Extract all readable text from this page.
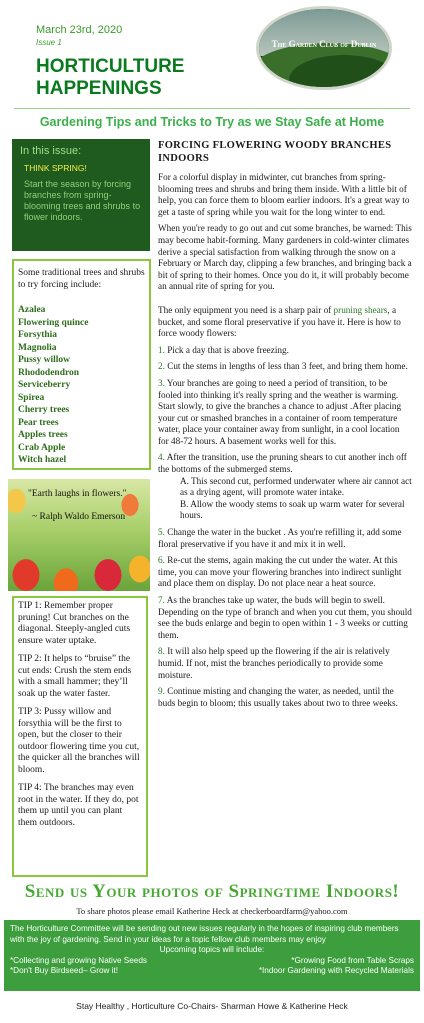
March 23rd, 2020
Issue 1
HORTICULTURE
HAPPENINGS
The Garden Club of Dublin
Gardening Tips and Tricks to Try as we Stay Safe at Home
In this issue:
THINK SPRING!
Start the season by forcing branches from spring-blooming trees and shrubs to flower indoors.
Some traditional trees and shrubs to try forcing include:
Azalea
Flowering quince
Forsythia
Magnolia
Pussy willow
Rhododendron
Serviceberry
Spirea
Cherry trees
Pear trees
Apples trees
Crab Apple
Witch hazel
"Earth laughs in flowers."
~ Ralph Waldo Emerson

TIP 1: Remember proper pruning! Cut branches on the diagonal. Steeply-angled cuts ensure water uptake.

TIP 2: It helps to “bruise” the cut ends: Crush the stem ends with a small hammer; they’ll soak up the water faster.

TIP 3: Pussy willow and forsythia will be the first to open, but the closer to their outdoor flowering time you cut, the quicker all the branches will bloom.

TIP 4: The branches may even root in the water. If they do, pot them up until you can plant them outdoors.

FORCING FLOWERING WOODY BRANCHES INDOORS

For a colorful display in midwinter, cut branches from spring-blooming trees and shrubs and bring them inside. With a little bit of help, you can force them to bloom earlier indoors. It's a great way to get a taste of spring while you wait for the long winter to end.

When you're ready to go out and cut some branches, be warned: This may become habit-forming. Many gardeners in cold-winter climates derive a special satisfaction from walking through the snow on a February or March day, clipping a few branches, and bringing back a bit of spring to their homes. Once you do it, it will probably become an annual rite of spring for you.

The only equipment you need is a sharp pair of pruning shears, a bucket, and some floral preservative if you have it. Here is how to force woody flowers:

1. Pick a day that is above freezing.

2. Cut the stems in lengths of less than 3 feet, and bring them home.

3. Your branches are going to need a period of transition, to be fooled into thinking it's really spring and the weather is warming. Start slowly, to give the branches a chance to adjust .After placing your cut or smashed branches in a container of room temperature water, place your container away from sunlight, in a cool location for 48-72 hours. A basement works well for this.

4. After the transition, use the pruning shears to cut another inch off the bottoms of the submerged stems.

A. This second cut, performed underwater where air cannot act as a drying agent, will promote water intake.

B. Allow the woody stems to soak up warm water for several hours.

5. Change the water in the bucket . As you're refilling it, add some floral preservative if you have it and mix it in well.

6. Re-cut the stems, again making the cut under the water. At this time, you can move your flowering branches into indirect sunlight and place them on display. Do not place near a heat source.

7. As the branches take up water, the buds will begin to swell. Depending on the type of branch and when you cut them, you should see the buds enlarge and begin to open within 1 - 3 weeks or cutting them.

8. It will also help speed up the flowering if the air is relatively humid. If not, mist the branches periodically to provide some moisture.

9. Continue misting and changing the water, as needed, until the buds begin to bloom; this usually takes about two to three weeks.

Send us Your photos of Springtime Indoors!
To share photos please email Katherine Heck at checkerboardfarm@yahoo.com
The Horticulture Committee will be sending out new issues regularly in the hopes of inspiring club members with the joy of gardening. Send in your ideas for a topic fellow club members may enjoy
Upcoming topics will include:
*Collecting and growing Native Seeds	*Growing Food from Table Scraps
*Don't Buy Birdseed– Grow it!	*Indoor Gardening with Recycled Materials
Stay Healthy , Horticulture Co-Chairs- Sharman Howe & Katherine Heck
